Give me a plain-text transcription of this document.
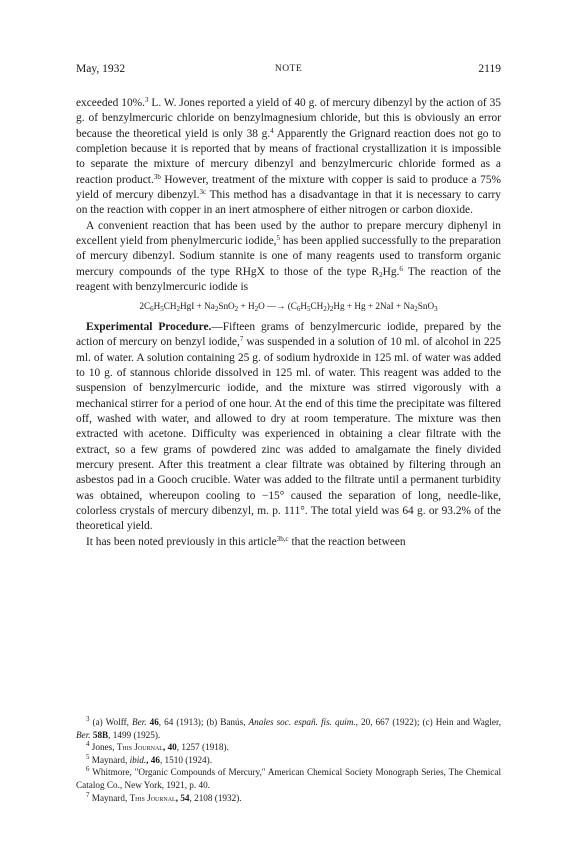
May, 1932	NOTE	2119

exceeded 10%.$^3$ L. W. Jones reported a yield of 40 g. of mercury dibenzyl by the action of 35 g. of benzylmercuric chloride on benzylmagnesium chloride, but this is obviously an error because the theoretical yield is only 38 g.$^4$ Apparently the Grignard reaction does not go to completion because it is reported that by means of fractional crystallization it is impossible to separate the mixture of mercury dibenzyl and benzylmercuric chloride formed as a reaction product.$^{3b}$ However, treatment of the mixture with copper is said to produce a 75% yield of mercury dibenzyl.$^{3c}$ This method has a disadvantage in that it is necessary to carry on the reaction with copper in an inert atmosphere of either nitrogen or carbon dioxide.

A convenient reaction that has been used by the author to prepare mercury diphenyl in excellent yield from phenylmercuric iodide,$^5$ has been applied successfully to the preparation of mercury dibenzyl. Sodium stannite is one of many reagents used to transform organic mercury compounds of the type RHgX to those of the type $R_2Hg.^6$ The reaction of the reagent with benzylmercuric iodide is

$2C_6H_5CH_2HgI + Na_2SnO_2 + H_2O$ —→ $(C_6H_5CH_2)_2Hg + Hg + 2NaI + Na_2SnO_3$

Experimental Procedure.—Fifteen grams of benzylmercuric iodide, prepared by the action of mercury on benzyl iodide,$^7$ was suspended in a solution of 10 ml. of alcohol in 225 ml. of water. A solution containing 25 g. of sodium hydroxide in 125 ml. of water was added to 10 g. of stannous chloride dissolved in 125 ml. of water. This reagent was added to the suspension of benzylmercuric iodide, and the mixture was stirred vigorously with a mechanical stirrer for a period of one hour. At the end of this time the precipitate was filtered off, washed with water, and allowed to dry at room temperature. The mixture was then extracted with acetone. Difficulty was experienced in obtaining a clear filtrate with the extract, so a few grams of powdered zinc was added to amalgamate the finely divided mercury present. After this treatment a clear filtrate was obtained by filtering through an asbestos pad in a Gooch crucible. Water was added to the filtrate until a permanent turbidity was obtained, whereupon cooling to −15° caused the separation of long, needle-like, colorless crystals of mercury dibenzyl, m. p. 111°. The total yield was 64 g. or 93.2% of the theoretical yield.

It has been noted previously in this article$^{3b,c}$ that the reaction between

$^3$ (a) Wolff, Ber. 46, 64 (1913); (b) Banús, Anales soc. españ. fís. quím., 20, 667 (1922); (c) Hein and Wagler, Ber. 58B, 1499 (1925).

$^4$ Jones, This Journal, 40, 1257 (1918).

$^5$ Maynard, ibid., 46, 1510 (1924).

$^6$ Whitmore, "Organic Compounds of Mercury," American Chemical Society Monograph Series, The Chemical Catalog Co., New York, 1921, p. 40.

$^7$ Maynard, This Journal, 54, 2108 (1932).
